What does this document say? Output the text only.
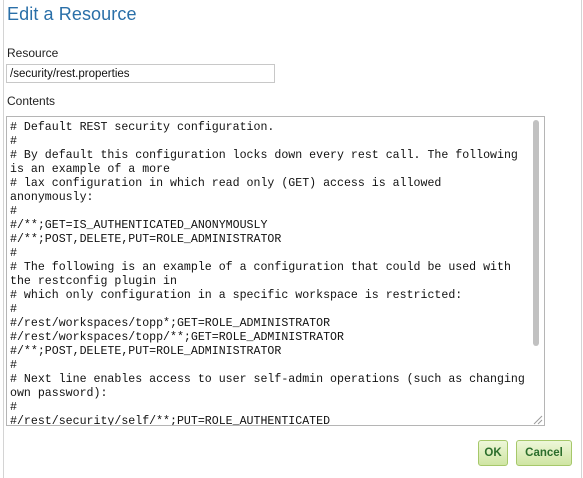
Edit a Resource
Resource
/security/rest.properties
Contents
# Default REST security configuration.
#
# By default this configuration locks down every rest call. The following is an example of a more
# lax configuration in which read only (GET) access is allowed anonymously:
#
#/**;GET=IS_AUTHENTICATED_ANONYMOUSLY
#/**;POST,DELETE,PUT=ROLE_ADMINISTRATOR
#
# The following is an example of a configuration that could be used with the restconfig plugin in
# which only configuration in a specific workspace is restricted:
#
#/rest/workspaces/topp*;GET=ROLE_ADMINISTRATOR
#/rest/workspaces/topp/**;GET=ROLE_ADMINISTRATOR
#/**;POST,DELETE,PUT=ROLE_ADMINISTRATOR
#
# Next line enables access to user self-admin operations (such as changing own password):
#
#/rest/security/self/**;PUT=ROLE_AUTHENTICATED
OK	Cancel
